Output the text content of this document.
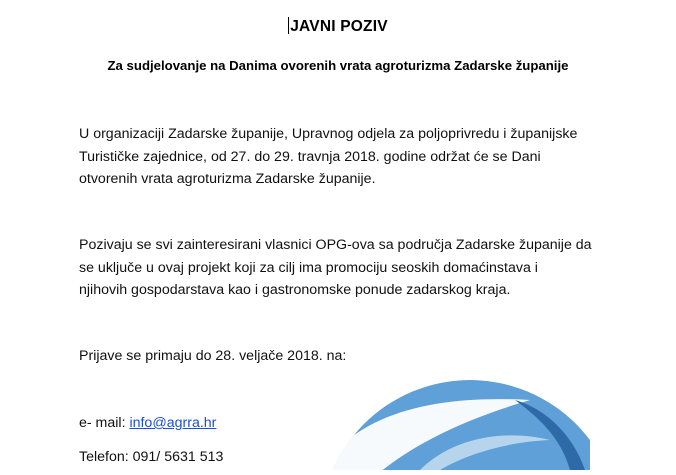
JAVNI POZIV
Za sudjelovanje na Danima ovorenih vrata agroturizma Zadarske županije
U organizaciji Zadarske županije, Upravnog odjela za poljoprivredu i županijske
Turističke zajednice, od 27. do 29. travnja 2018. godine održat će se Dani
otvorenih vrata agroturizma Zadarske županije.
Pozivaju se svi zainteresirani vlasnici OPG-ova sa područja Zadarske županije da
se uključe u ovaj projekt koji za cilj ima promociju seoskih domaćinstava i
njihovih gospodarstava kao i gastronomske ponude zadarskog kraja.
Prijave se primaju do 28. veljače 2018. na:
e- mail: info@agrra.hr
Telefon: 091/ 5631 513
